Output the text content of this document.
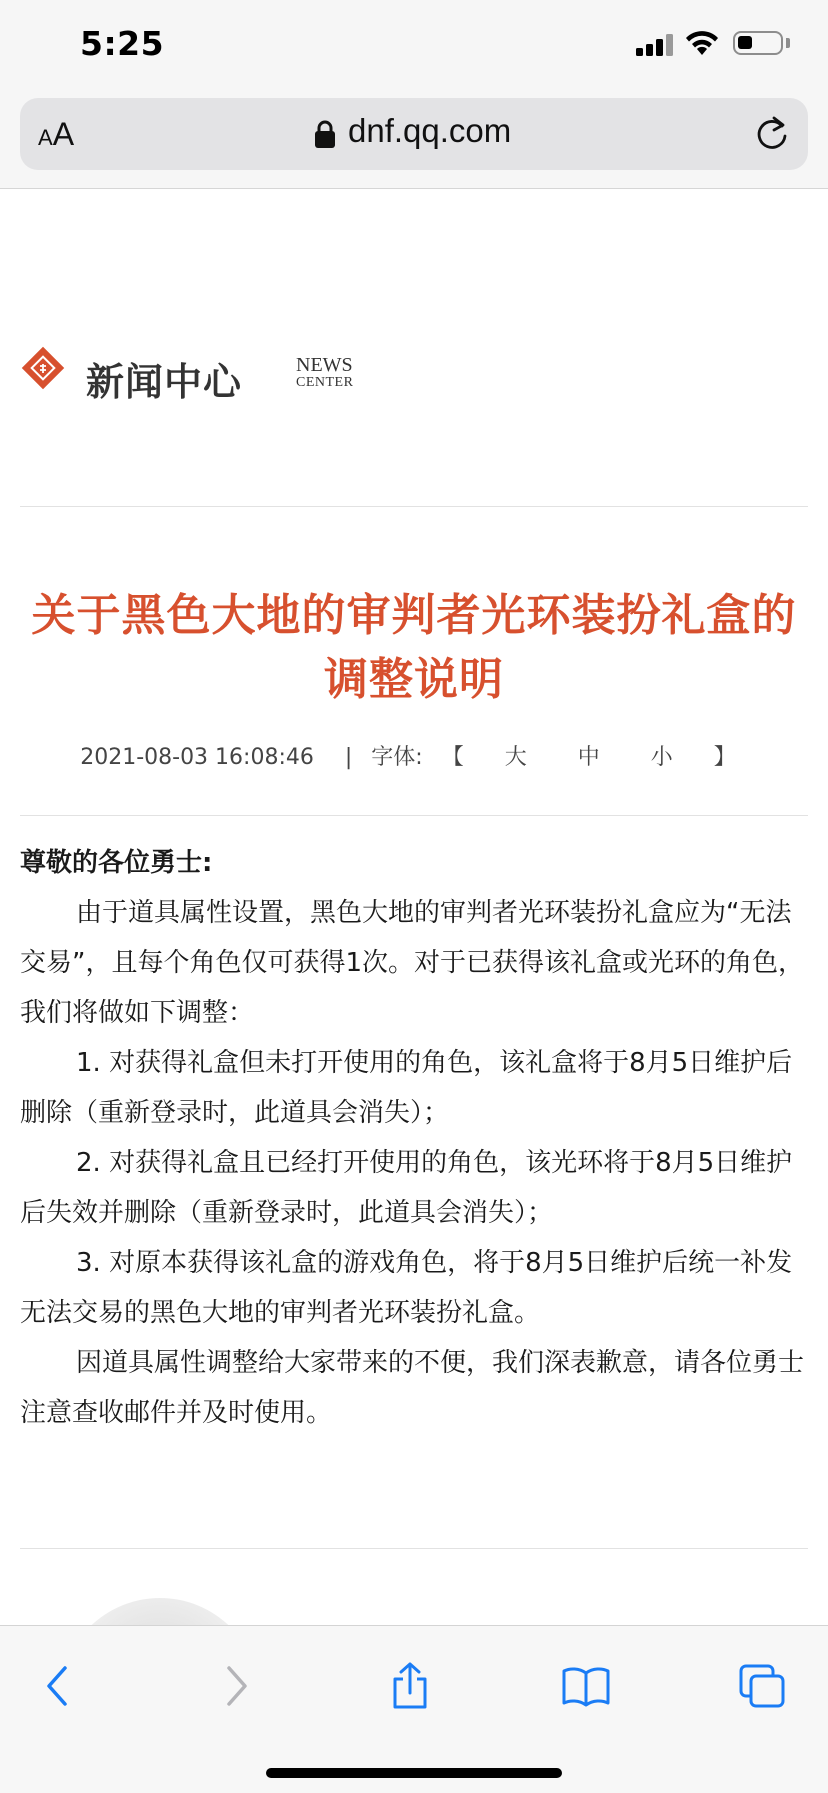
5:25
AA	dnf.qq.com
新闻中心	NEWS
CENTER
关于黑色大地的审判者光环装扮礼盒的调整说明
2021-08-03 16:08:46 | 字体: 【 大 中 小 】

尊敬的各位勇士:

由于道具属性设置，黑色大地的审判者光环装扮礼盒应为“无法交易”，且每个角色仅可获得1次。对于已获得该礼盒或光环的角色，我们将做如下调整：

1. 对获得礼盒但未打开使用的角色，该礼盒将于8月5日维护后删除（重新登录时，此道具会消失）；

2. 对获得礼盒且已经打开使用的角色，该光环将于8月5日维护后失效并删除（重新登录时，此道具会消失）；

3. 对原本获得该礼盒的游戏角色，将于8月5日维护后统一补发无法交易的黑色大地的审判者光环装扮礼盒。

因道具属性调整给大家带来的不便，我们深表歉意，请各位勇士注意查收邮件并及时使用。
